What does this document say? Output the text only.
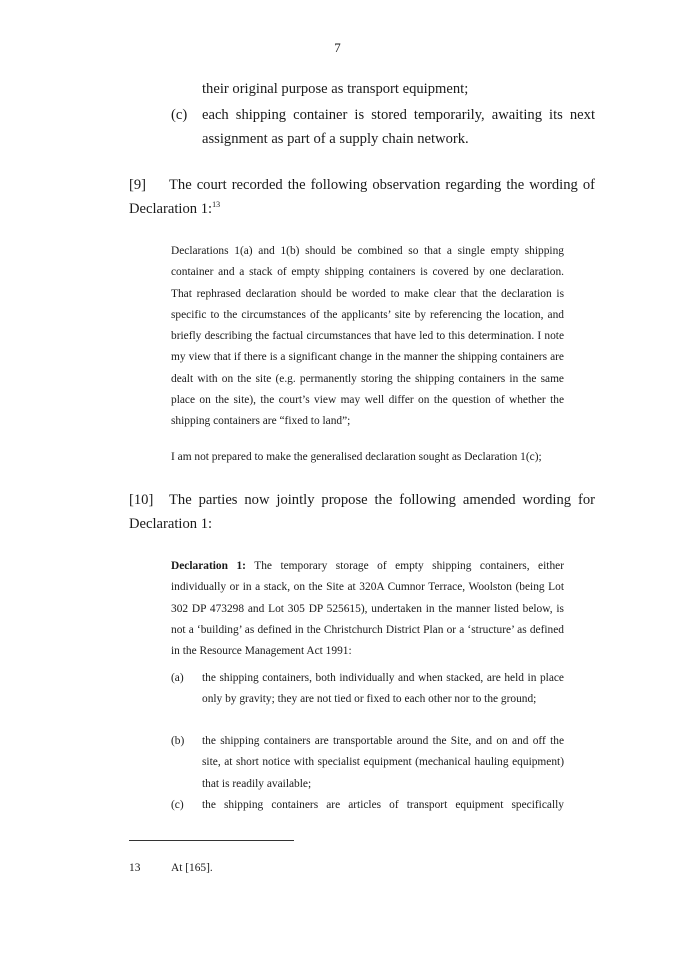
7
their original purpose as transport equipment;
(c) each shipping container is stored temporarily, awaiting its next assignment as part of a supply chain network.
[9] The court recorded the following observation regarding the wording of Declaration 1:$^{13}$
Declarations 1(a) and 1(b) should be combined so that a single empty shipping container and a stack of empty shipping containers is covered by one declaration. That rephrased declaration should be worded to make clear that the declaration is specific to the circumstances of the applicants’ site by referencing the location, and briefly describing the factual circumstances that have led to this determination. I note my view that if there is a significant change in the manner the shipping containers are dealt with on the site (e.g. permanently storing the shipping containers in the same place on the site), the court’s view may well differ on the question of whether the shipping containers are “fixed to land”;
I am not prepared to make the generalised declaration sought as Declaration 1(c);
[10] The parties now jointly propose the following amended wording for Declaration 1:
Declaration 1: The temporary storage of empty shipping containers, either individually or in a stack, on the Site at 320A Cumnor Terrace, Woolston (being Lot 302 DP 473298 and Lot 305 DP 525615), undertaken in the manner listed below, is not a ‘building’ as defined in the Christchurch District Plan or a ‘structure’ as defined in the Resource Management Act 1991:
(a) the shipping containers, both individually and when stacked, are held in place only by gravity; they are not tied or fixed to each other nor to the ground;
(b) the shipping containers are transportable around the Site, and on and off the site, at short notice with specialist equipment (mechanical hauling equipment) that is readily available;
(c) the shipping containers are articles of transport equipment specifically
13	At [165].
